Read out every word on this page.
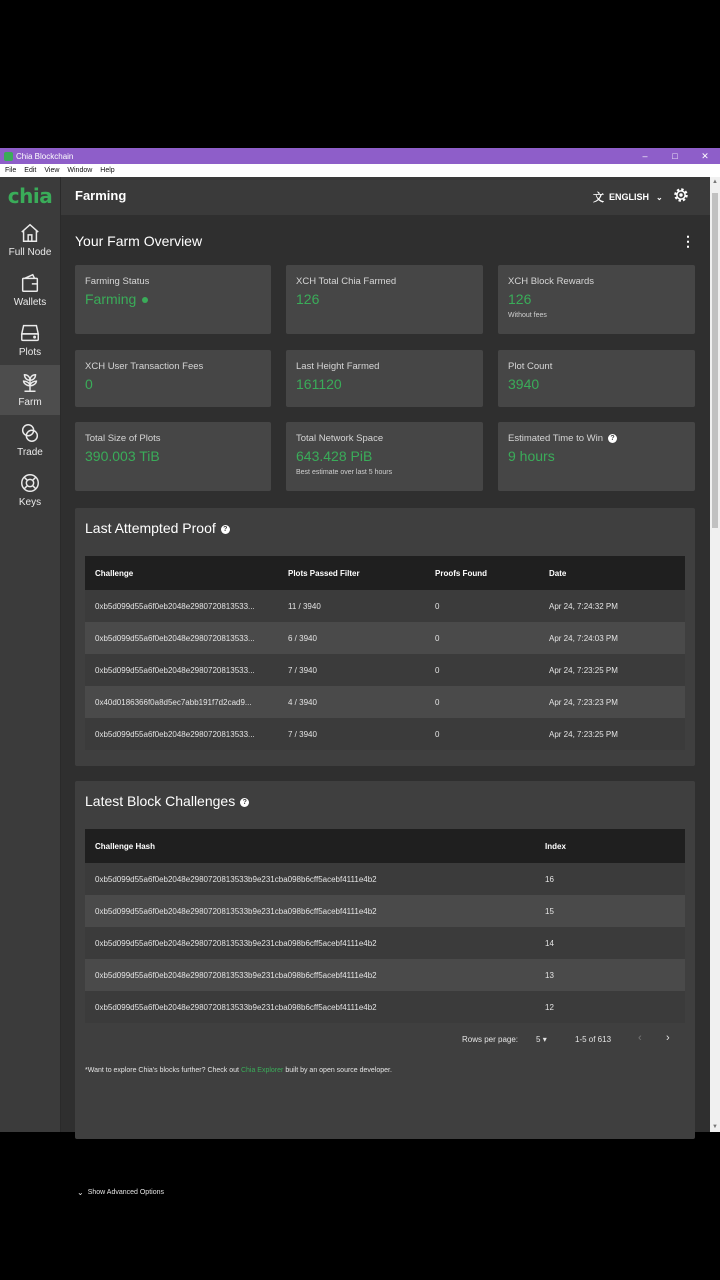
Chia Blockchain	–	□	✕
File Edit View Window Help
chia
Full Node
Wallets
Plots
Farm
Trade
Keys
Farming	文 ENGLISH ⌄
▲
▼
Your Farm Overview	⋮
Farming Status
Farming
XCH Total Chia Farmed
126
XCH Block Rewards
126
Without fees
XCH User Transaction Fees
0
Last Height Farmed
161120
Plot Count
3940
Total Size of Plots
390.003 TiB
Total Network Space
643.428 PiB
Best estimate over last 5 hours
Estimated Time to Win ?
9 hours
Last Attempted Proof ?
Challenge	Plots Passed Filter	Proofs Found	Date
0xb5d099d55a6f0eb2048e2980720813533...	11 / 3940	0	Apr 24, 7:24:32 PM
0xb5d099d55a6f0eb2048e2980720813533...	6 / 3940	0	Apr 24, 7:24:03 PM
0xb5d099d55a6f0eb2048e2980720813533...	7 / 3940	0	Apr 24, 7:23:25 PM
0x40d0186366f0a8d5ec7abb191f7d2cad9...	4 / 3940	0	Apr 24, 7:23:23 PM
0xb5d099d55a6f0eb2048e2980720813533...	7 / 3940	0	Apr 24, 7:23:25 PM
Latest Block Challenges ?
Challenge Hash	Index
0xb5d099d55a6f0eb2048e2980720813533b9e231cba098b6cff5acebf4111e4b2	16
0xb5d099d55a6f0eb2048e2980720813533b9e231cba098b6cff5acebf4111e4b2	15
0xb5d099d55a6f0eb2048e2980720813533b9e231cba098b6cff5acebf4111e4b2	14
0xb5d099d55a6f0eb2048e2980720813533b9e231cba098b6cff5acebf4111e4b2	13
0xb5d099d55a6f0eb2048e2980720813533b9e231cba098b6cff5acebf4111e4b2	12
Rows per page: 5 ▾	1-5 of 613 ‹ ›
*Want to explore Chia's blocks further? Check out Chia Explorer built by an open source developer.
⌄ Show Advanced Options
